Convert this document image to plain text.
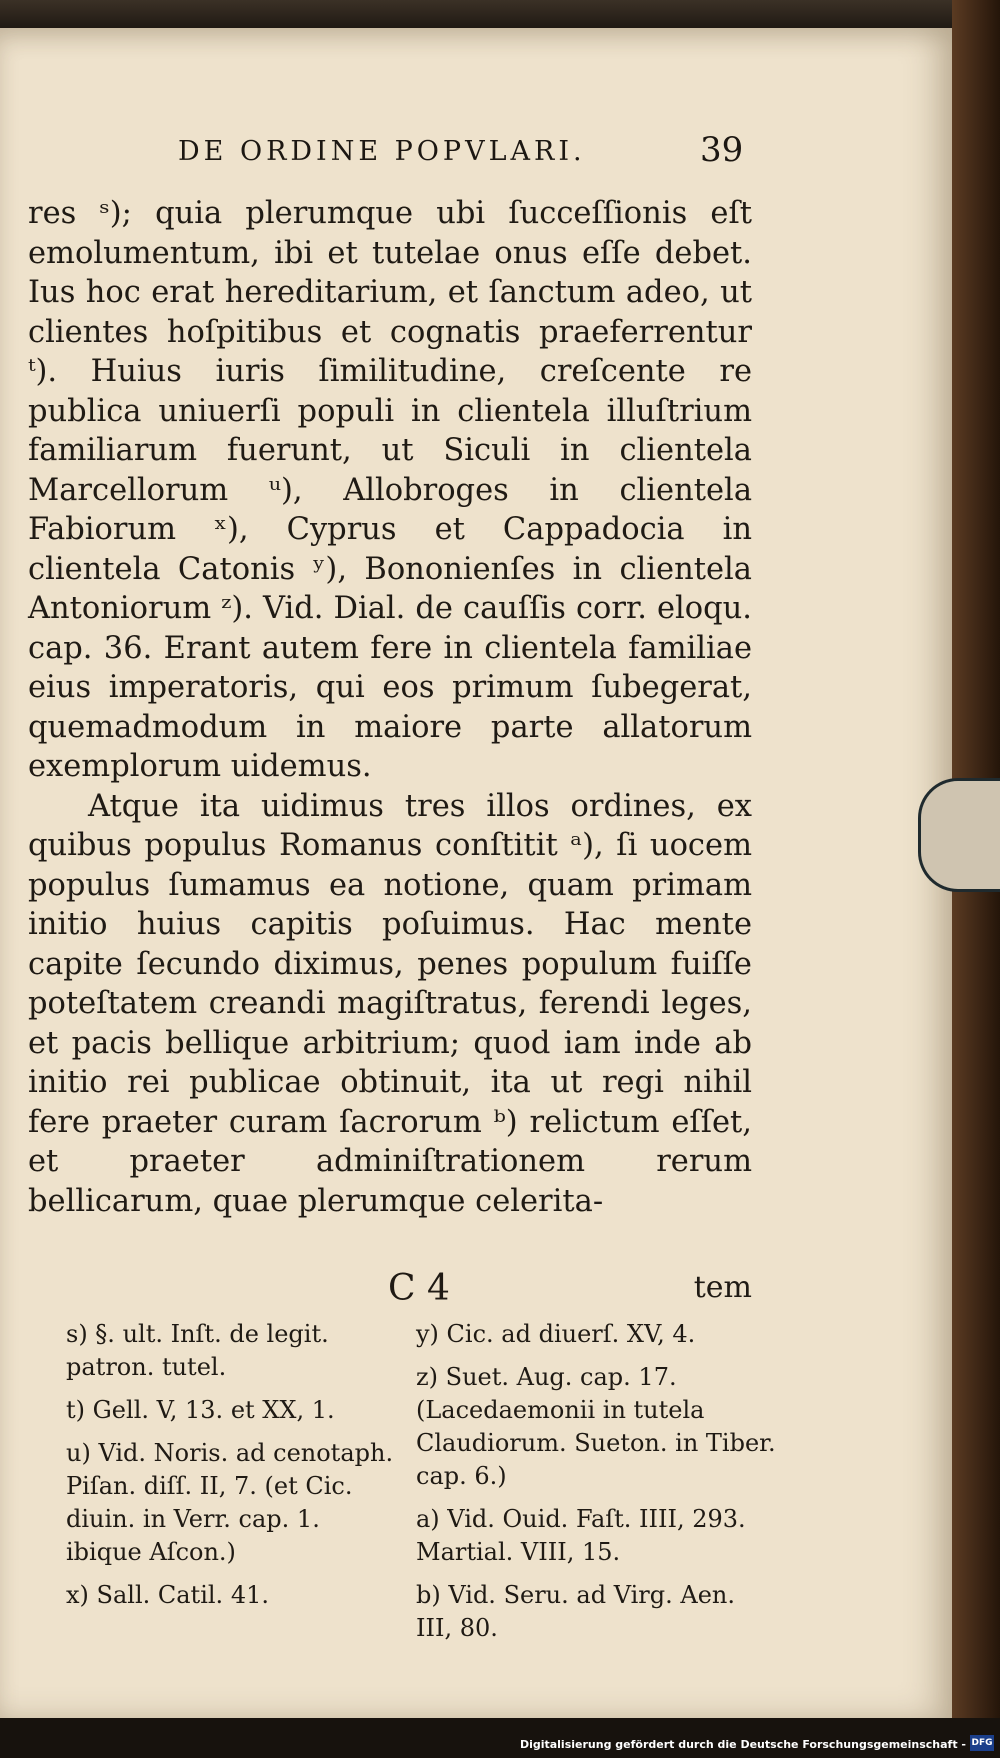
DE ORDINE POPVLARI.	39

res ˢ); quia plerumque ubi ſucceſſionis eſt emolumentum, ibi et tutelae onus eſſe debet. Ius hoc erat hereditarium, et ſanctum adeo, ut clientes hoſpitibus et cognatis praeferrentur ᵗ). Huius iuris ſimilitudine, creſcente re publica uniuerſi populi in clientela illuſtrium familiarum fuerunt, ut Siculi in clientela Marcellorum ᵘ), Allobroges in clientela Fabiorum ˣ), Cyprus et Cappadocia in clientela Catonis ʸ), Bononienſes in clientela Antoniorum ᶻ). Vid. Dial. de cauſſis corr. eloqu. cap. 36. Erant autem fere in clientela familiae eius imperatoris, qui eos primum ſubegerat, quemadmodum in maiore parte allatorum exemplorum uidemus.

Atque ita uidimus tres illos ordines, ex quibus populus Romanus conſtitit ᵃ), ſi uocem populus ſumamus ea notione, quam primam initio huius capitis poſuimus. Hac mente capite ſecundo diximus, penes populum fuiſſe poteſtatem creandi magiſtratus, ferendi leges, et pacis bellique arbitrium; quod iam inde ab initio rei publicae obtinuit, ita ut regi nihil fere praeter curam ſacrorum ᵇ) relictum eſſet, et praeter adminiſtrationem rerum bellicarum, quae plerumque celerita-

C 4	tem

s) §. ult. Inſt. de legit. patron. tutel.

t) Gell. V, 13. et XX, 1.

u) Vid. Noris. ad cenotaph. Piſan. diſſ. II, 7. (et Cic. diuin. in Verr. cap. 1. ibique Aſcon.)

x) Sall. Catil. 41.

y) Cic. ad diuerſ. XV, 4.

z) Suet. Aug. cap. 17. (Lacedaemonii in tutela Claudiorum. Sueton. in Tiber. cap. 6.)

a) Vid. Ouid. Faſt. IIII, 293. Martial. VIII, 15.

b) Vid. Seru. ad Virg. Aen. III, 80.

Digitalisierung gefördert durch die Deutsche Forschungsgemeinschaft - DFG
